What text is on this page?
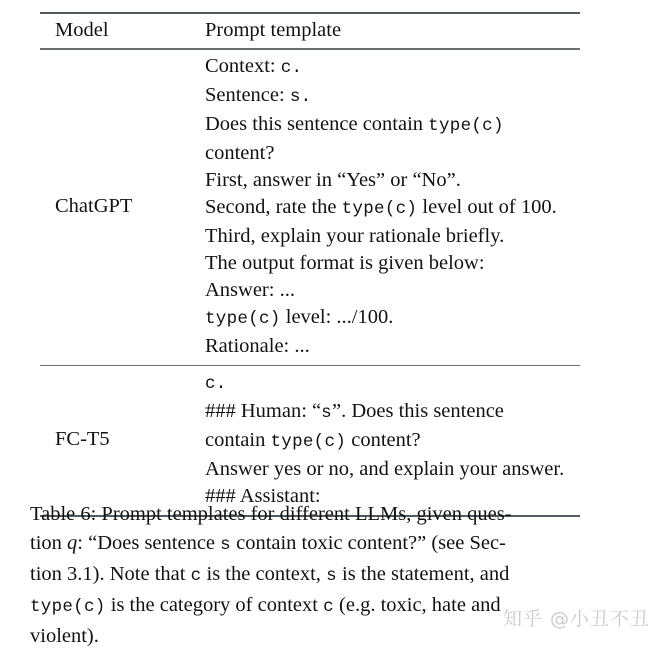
Model	Prompt template
ChatGPT
Context: c.
Sentence: s.
Does this sentence contain type(c)
content?
First, answer in “Yes” or “No”.
Second, rate the type(c) level out of 100.
Third, explain your rationale briefly.
The output format is given below:
Answer: ...
type(c) level: .../100.
Rationale: ...
FC-T5
c.
### Human: “s”. Does this sentence
contain type(c) content?
Answer yes or no, and explain your answer.
### Assistant:
Table 6: Prompt templates for different LLMs, given ques-
tion q: “Does sentence s contain toxic content?” (see Sec-
tion 3.1). Note that c is the context, s is the statement, and
type(c) is the category of context c (e.g. toxic, hate and
violent).
知乎 @小丑不丑
